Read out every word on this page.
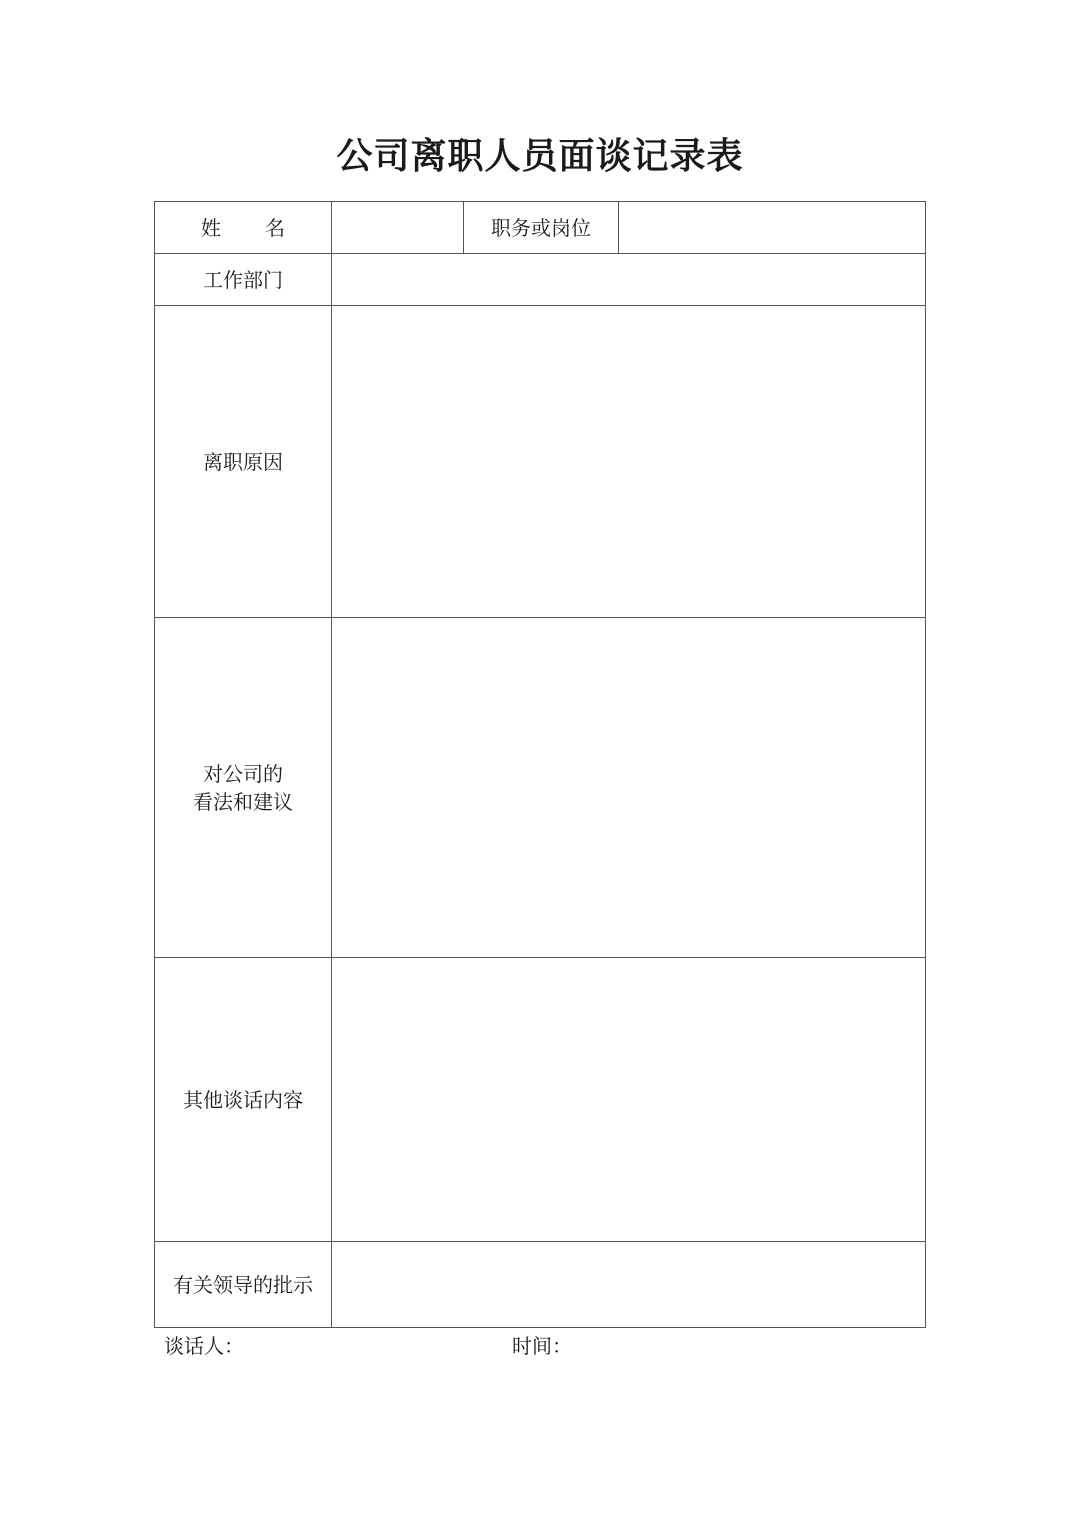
公司离职人员面谈记录表
姓 名		职务或岗位	
工作部门			
离职原因			

对公司的
看法和建议			

其他谈话内容			
有关领导的批示			
谈话人：	时间：
